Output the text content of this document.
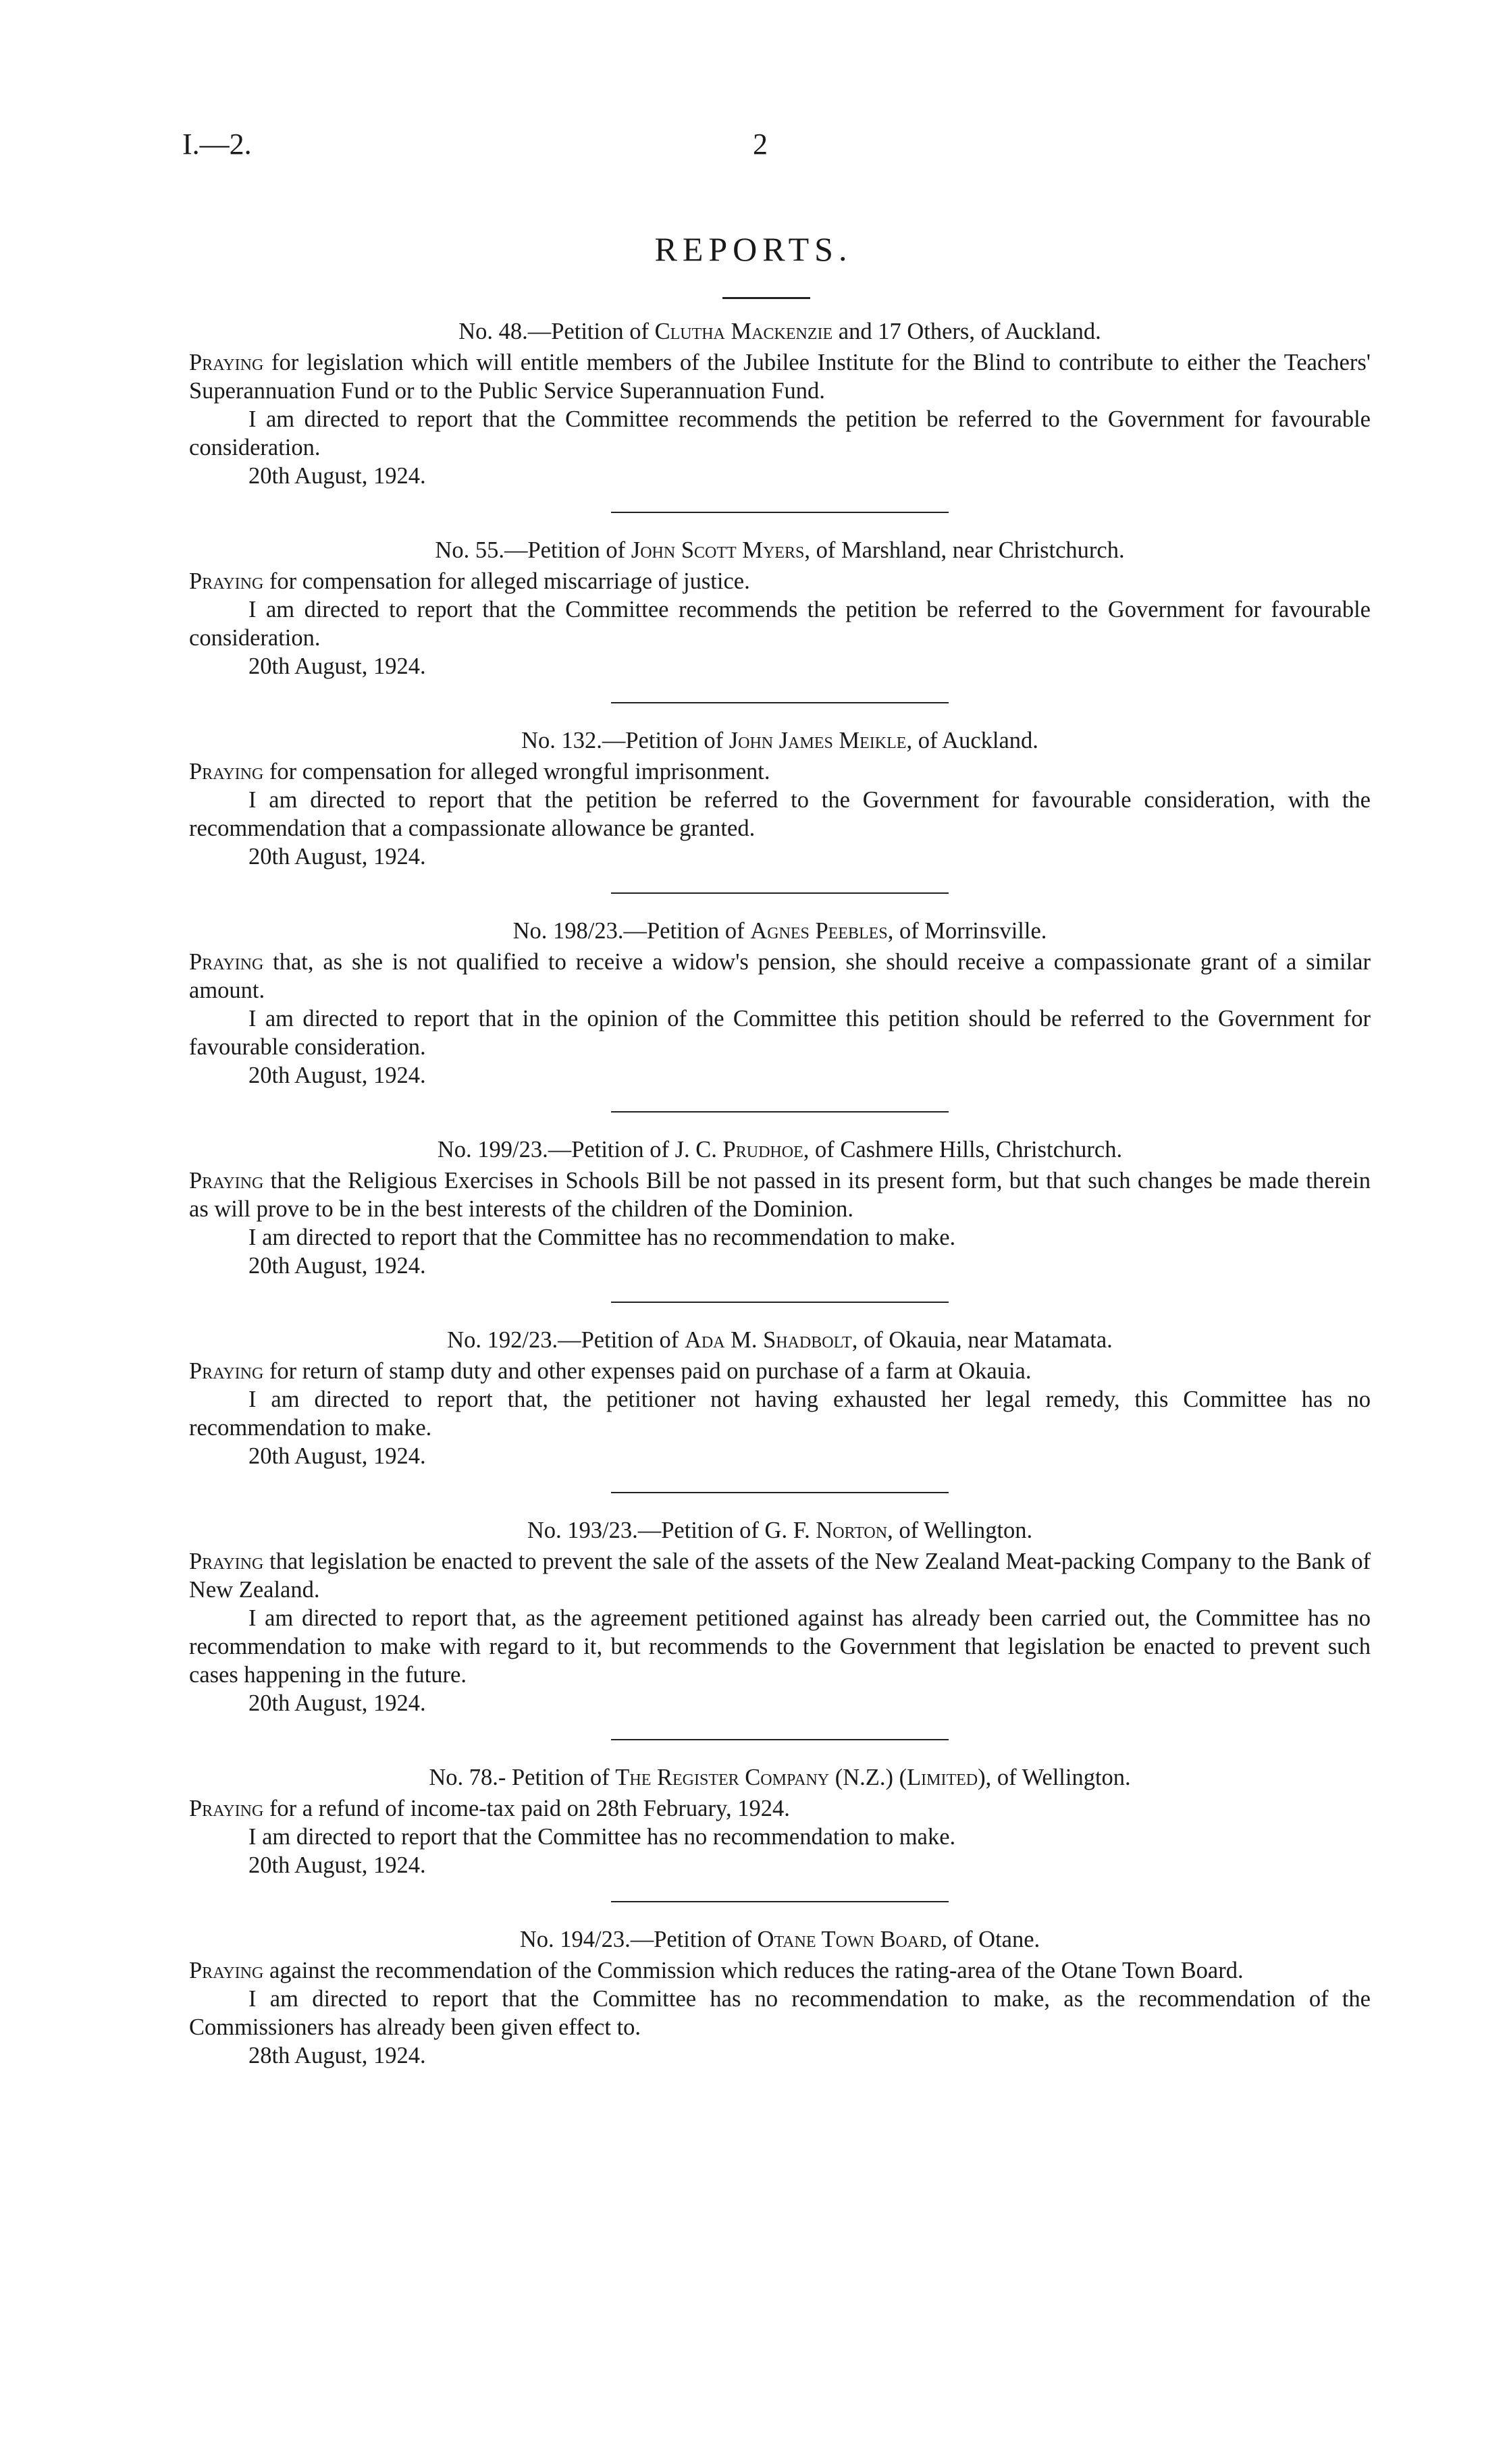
I.—2.	2
REPORTS.

No. 48.—Petition of Clutha Mackenzie and 17 Others, of Auckland.

Praying for legislation which will entitle members of the Jubilee Institute for the Blind to contribute to either the Teachers' Superannuation Fund or to the Public Service Superannuation Fund.

I am directed to report that the Committee recommends the petition be referred to the Government for favourable consideration.

20th August, 1924.

No. 55.—Petition of John Scott Myers, of Marshland, near Christchurch.

Praying for compensation for alleged miscarriage of justice.

I am directed to report that the Committee recommends the petition be referred to the Government for favourable consideration.

20th August, 1924.

No. 132.—Petition of John James Meikle, of Auckland.

Praying for compensation for alleged wrongful imprisonment.

I am directed to report that the petition be referred to the Government for favourable consideration, with the recommendation that a compassionate allowance be granted.

20th August, 1924.

No. 198/23.—Petition of Agnes Peebles, of Morrinsville.

Praying that, as she is not qualified to receive a widow's pension, she should receive a compassionate grant of a similar amount.

I am directed to report that in the opinion of the Committee this petition should be referred to the Government for favourable consideration.

20th August, 1924.

No. 199/23.—Petition of J. C. Prudhoe, of Cashmere Hills, Christchurch.

Praying that the Religious Exercises in Schools Bill be not passed in its present form, but that such changes be made therein as will prove to be in the best interests of the children of the Dominion.

I am directed to report that the Committee has no recommendation to make.

20th August, 1924.

No. 192/23.—Petition of Ada M. Shadbolt, of Okauia, near Matamata.

Praying for return of stamp duty and other expenses paid on purchase of a farm at Okauia.

I am directed to report that, the petitioner not having exhausted her legal remedy, this Committee has no recommendation to make.

20th August, 1924.

No. 193/23.—Petition of G. F. Norton, of Wellington.

Praying that legislation be enacted to prevent the sale of the assets of the New Zealand Meat-packing Company to the Bank of New Zealand.

I am directed to report that, as the agreement petitioned against has already been carried out, the Committee has no recommendation to make with regard to it, but recommends to the Government that legislation be enacted to prevent such cases happening in the future.

20th August, 1924.

No. 78.- Petition of The Register Company (N.Z.) (Limited), of Wellington.

Praying for a refund of income-tax paid on 28th February, 1924.

I am directed to report that the Committee has no recommendation to make.

20th August, 1924.

No. 194/23.—Petition of Otane Town Board, of Otane.

Praying against the recommendation of the Commission which reduces the rating-area of the Otane Town Board.

I am directed to report that the Committee has no recommendation to make, as the recommendation of the Commissioners has already been given effect to.

28th August, 1924.
